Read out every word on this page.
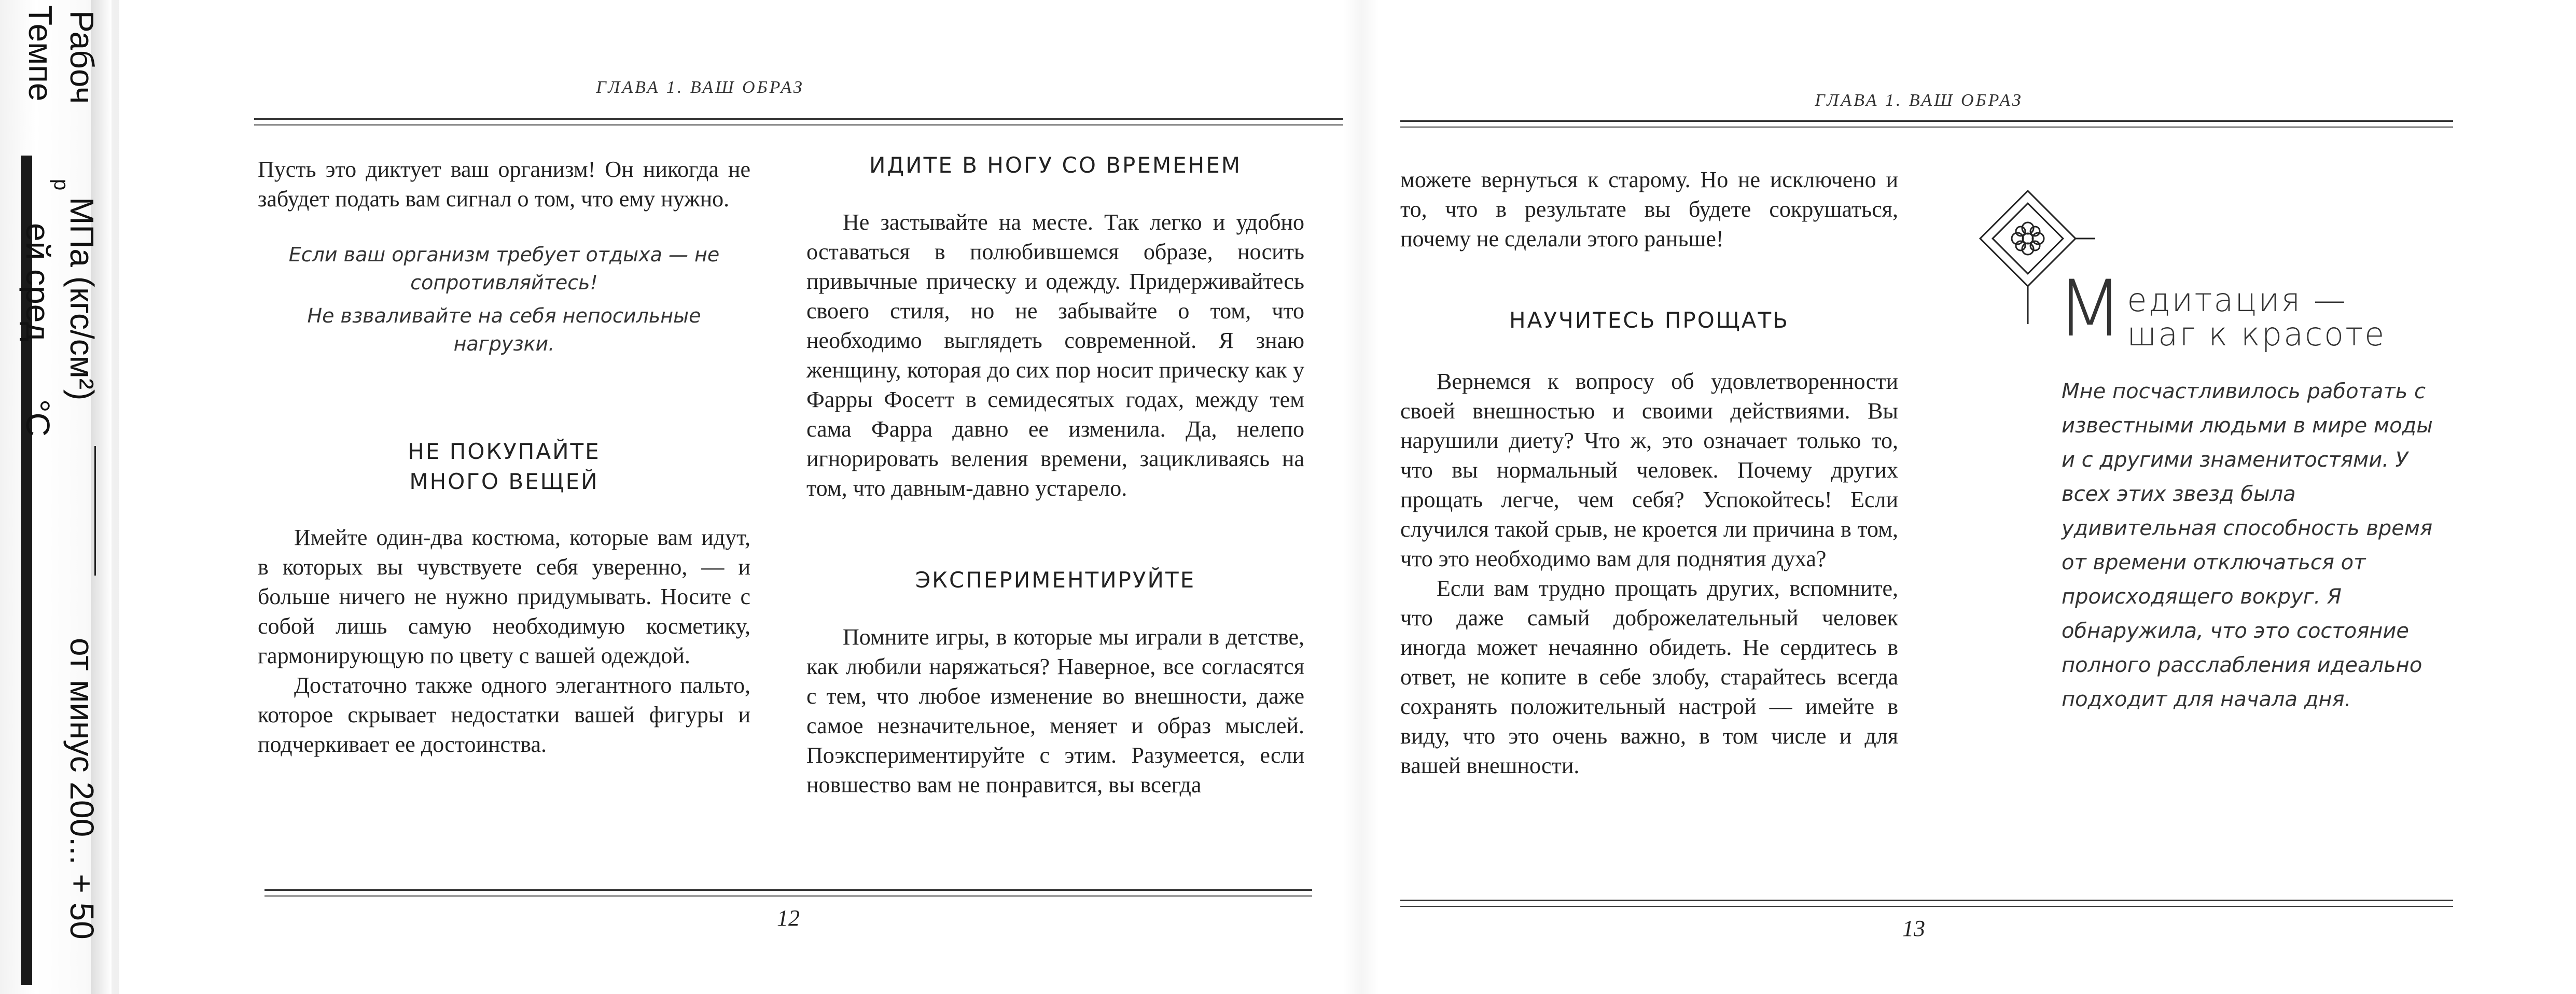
Темпе Рабоч
р
МПа (кгс/см²)
от минус 200... + 50
ей сред
°С
ГЛАВА 1. ВАШ ОБРАЗ

Пусть это диктует ваш организм! Он никогда не забудет подать вам сигнал о том, что ему нужно.

Если ваш организм требует отдыха — не сопротивляйтесь!
Не взваливайте на себя непосильные нагрузки.
НЕ ПОКУПАЙТЕ
МНОГО ВЕЩЕЙ

Имейте один-два костюма, которые вам идут, в которых вы чувствуете себя уверенно, — и больше ничего не нужно придумывать. Носите с собой лишь самую необходимую косметику, гармонирующую по цвету с вашей одеждой.

Достаточно также одного элегантного пальто, которое скрывает недостатки вашей фигуры и подчеркивает ее достоинства.

ИДИТЕ В НОГУ СО ВРЕМЕНЕМ

Не застывайте на месте. Так легко и удобно оставаться в полюбившемся образе, носить привычные прическу и одежду. Придерживайтесь своего стиля, но не забывайте о том, что необходимо выглядеть современной. Я знаю женщину, которая до сих пор носит прическу как у Фарры Фосетт в семидесятых годах, между тем сама Фарра давно ее изменила. Да, нелепо игнорировать веления времени, зацикливаясь на том, что давным-давно устарело.

ЭКСПЕРИМЕНТИРУЙТЕ

Помните игры, в которые мы играли в детстве, как любили наряжаться? Наверное, все согласятся с тем, что любое изменение во внешности, даже самое незначительное, меняет и образ мыслей. Поэкспериментируйте с этим. Разумеется, если новшество вам не понравится, вы всегда

12
ГЛАВА 1. ВАШ ОБРАЗ

можете вернуться к старому. Но не исключено и то, что в результате вы будете сокрушаться, почему не сделали этого раньше!

НАУЧИТЕСЬ ПРОЩАТЬ

Вернемся к вопросу об удовлетворенности своей внешностью и своими действиями. Вы нарушили диету? Что ж, это означает только то, что вы нормальный человек. Почему других прощать легче, чем себя? Успокойтесь! Если случился такой срыв, не кроется ли причина в том, что это необходимо вам для поднятия духа?

Если вам трудно прощать других, вспомните, что даже самый доброжелательный человек иногда может нечаянно обидеть. Не сердитесь в ответ, не копите в себе злобу, старайтесь всегда сохранять положительный настрой — имейте в виду, что это очень важно, в том числе и для вашей внешности.

М едитация —
шаг к красоте
Мне посчастливилось работать с известными людьми в мире моды и с другими знаменитостями. У всех этих звезд была удивительная способность время от времени отключаться от происходящего вокруг. Я обнаружила, что это состояние полного расслабления идеально подходит для начала дня.
13
